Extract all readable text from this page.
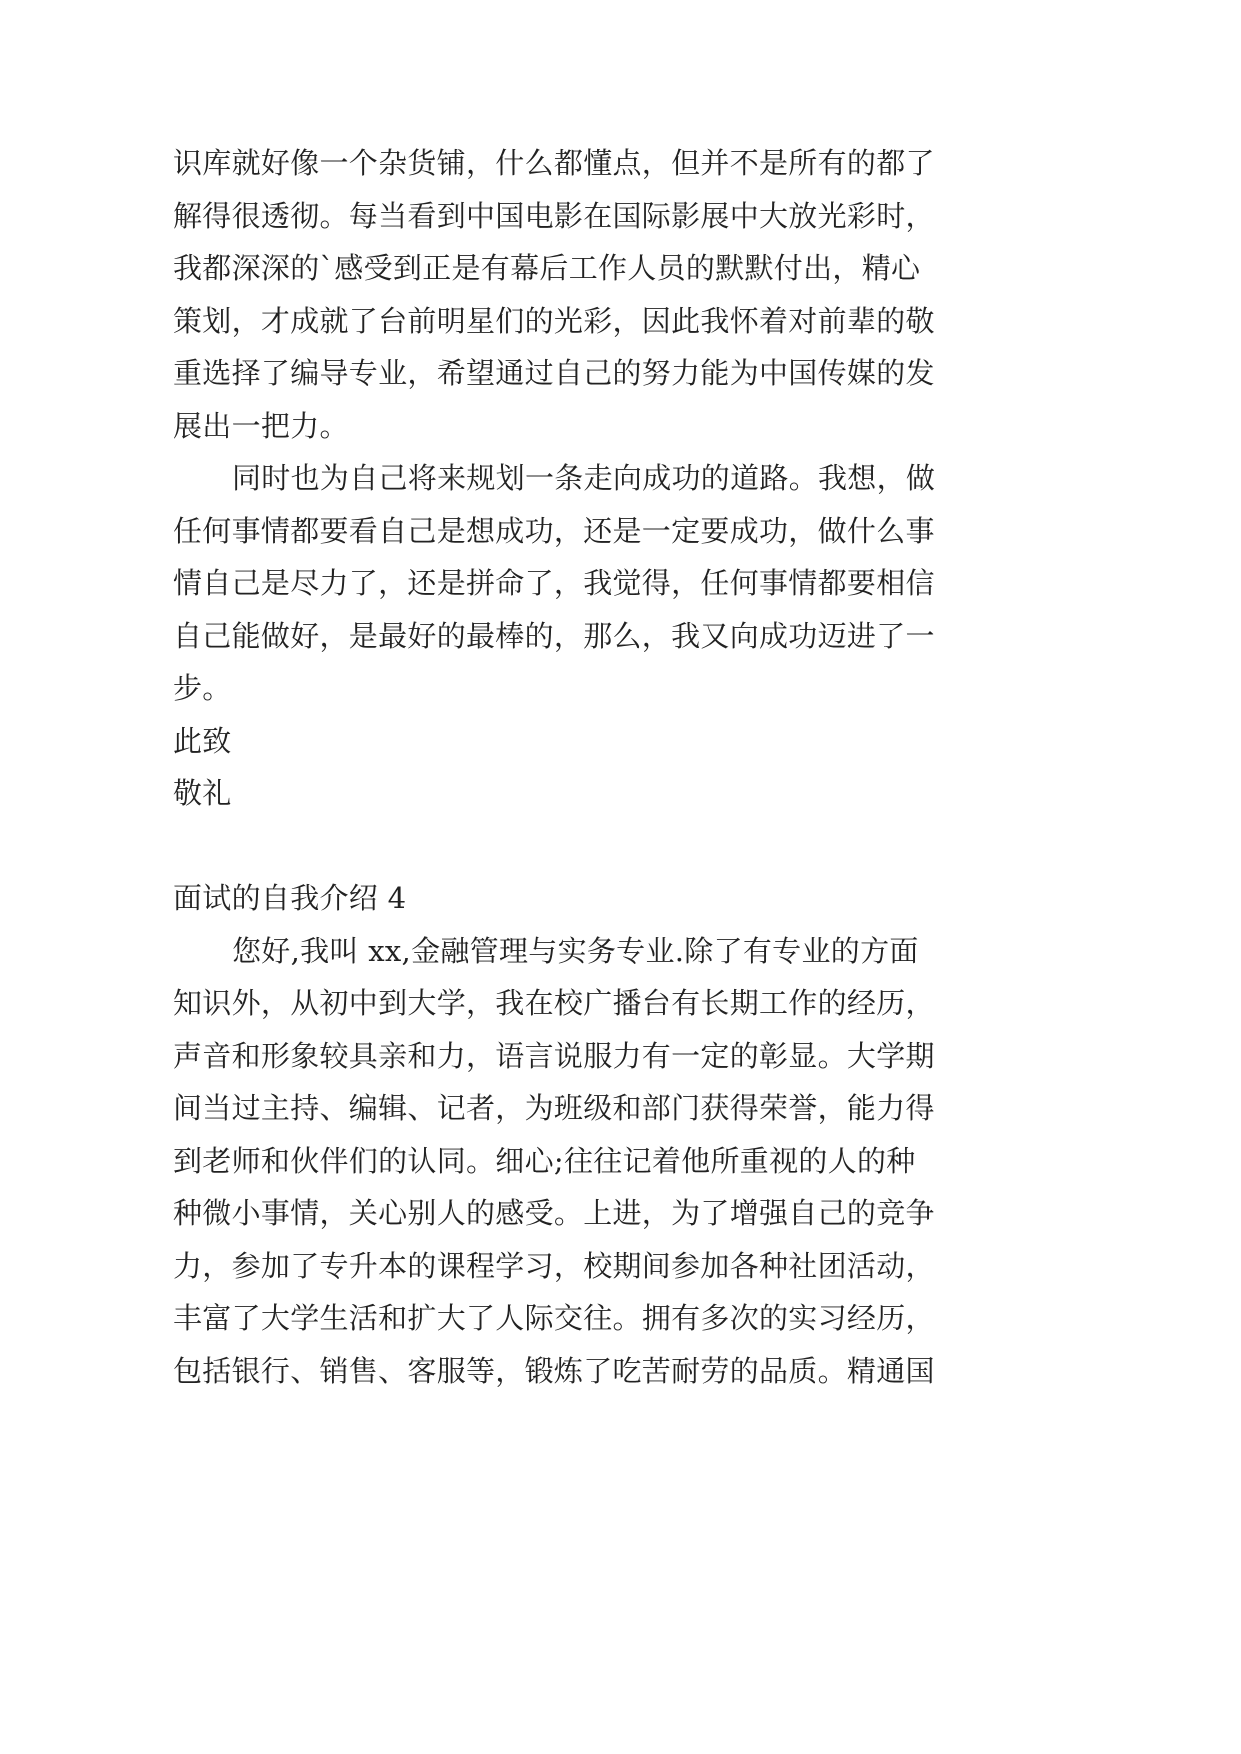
识库就好像一个杂货铺，什么都懂点，但并不是所有的都了
解得很透彻。每当看到中国电影在国际影展中大放光彩时，
我都深深的`感受到正是有幕后工作人员的默默付出，精心
策划，才成就了台前明星们的光彩，因此我怀着对前辈的敬
重选择了编导专业，希望通过自己的努力能为中国传媒的发
展出一把力。
同时也为自己将来规划一条走向成功的道路。我想，做
任何事情都要看自己是想成功，还是一定要成功，做什么事
情自己是尽力了，还是拼命了，我觉得，任何事情都要相信
自己能做好，是最好的最棒的，那么，我又向成功迈进了一
步。
此致
敬礼
面试的自我介绍 4
您好,我叫 xx,金融管理与实务专业.除了有专业的方面
知识外，从初中到大学，我在校广播台有长期工作的经历，
声音和形象较具亲和力，语言说服力有一定的彰显。大学期
间当过主持、编辑、记者，为班级和部门获得荣誉，能力得
到老师和伙伴们的认同。细心;往往记着他所重视的人的种
种微小事情，关心别人的感受。上进，为了增强自己的竞争
力，参加了专升本的课程学习，校期间参加各种社团活动，
丰富了大学生活和扩大了人际交往。拥有多次的实习经历，
包括银行、销售、客服等，锻炼了吃苦耐劳的品质。精通国
